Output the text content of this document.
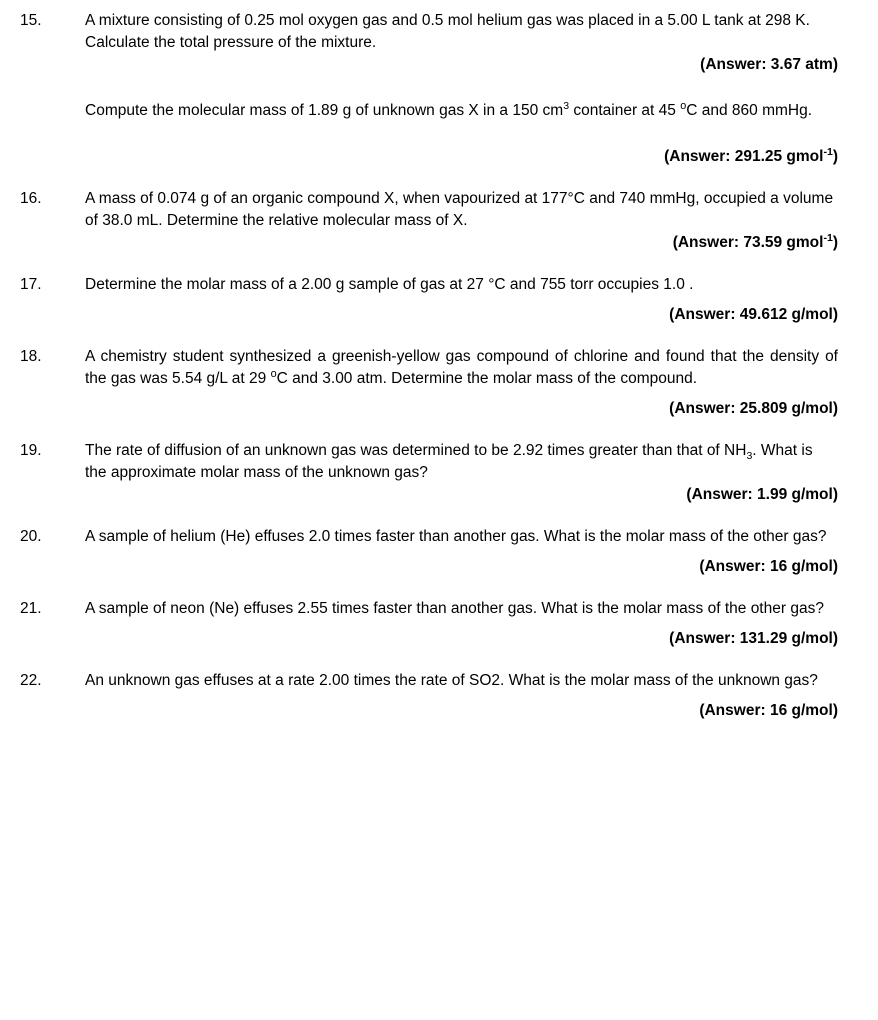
15.	A mixture consisting of 0.25 mol oxygen gas and 0.5 mol helium gas was placed in a 5.00 L tank at 298 K. Calculate the total pressure of the mixture.

(Answer: 3.67 atm)

Compute the molecular mass of 1.89 g of unknown gas X in a 150 $cm^3$ container at 45 $^o$C and 860 mmHg.

(Answer: 291.25 gmol$^{-1}$)

16.	A mass of 0.074 g of an organic compound X, when vapourized at 177°C and 740 mmHg, occupied a volume of 38.0 mL. Determine the relative molecular mass of X.

(Answer: 73.59 gmol$^{-1}$)

17.	Determine the molar mass of a 2.00 g sample of gas at 27 °C and 755 torr occupies 1.0 .

(Answer: 49.612 g/mol)

18.	A chemistry student synthesized a greenish-yellow gas compound of chlorine and found that the density of the gas was 5.54 g/L at 29 $^o$C and 3.00 atm. Determine the molar mass of the compound.

(Answer: 25.809 g/mol)

19.	The rate of diffusion of an unknown gas was determined to be 2.92 times greater than that of $NH_3$. What is the approximate molar mass of the unknown gas?

(Answer: 1.99 g/mol)

20.	A sample of helium (He) effuses 2.0 times faster than another gas. What is the molar mass of the other gas?

(Answer: 16 g/mol)

21.	A sample of neon (Ne) effuses 2.55 times faster than another gas. What is the molar mass of the other gas?

(Answer: 131.29 g/mol)

22.	An unknown gas effuses at a rate 2.00 times the rate of SO2. What is the molar mass of the unknown gas?

(Answer: 16 g/mol)
